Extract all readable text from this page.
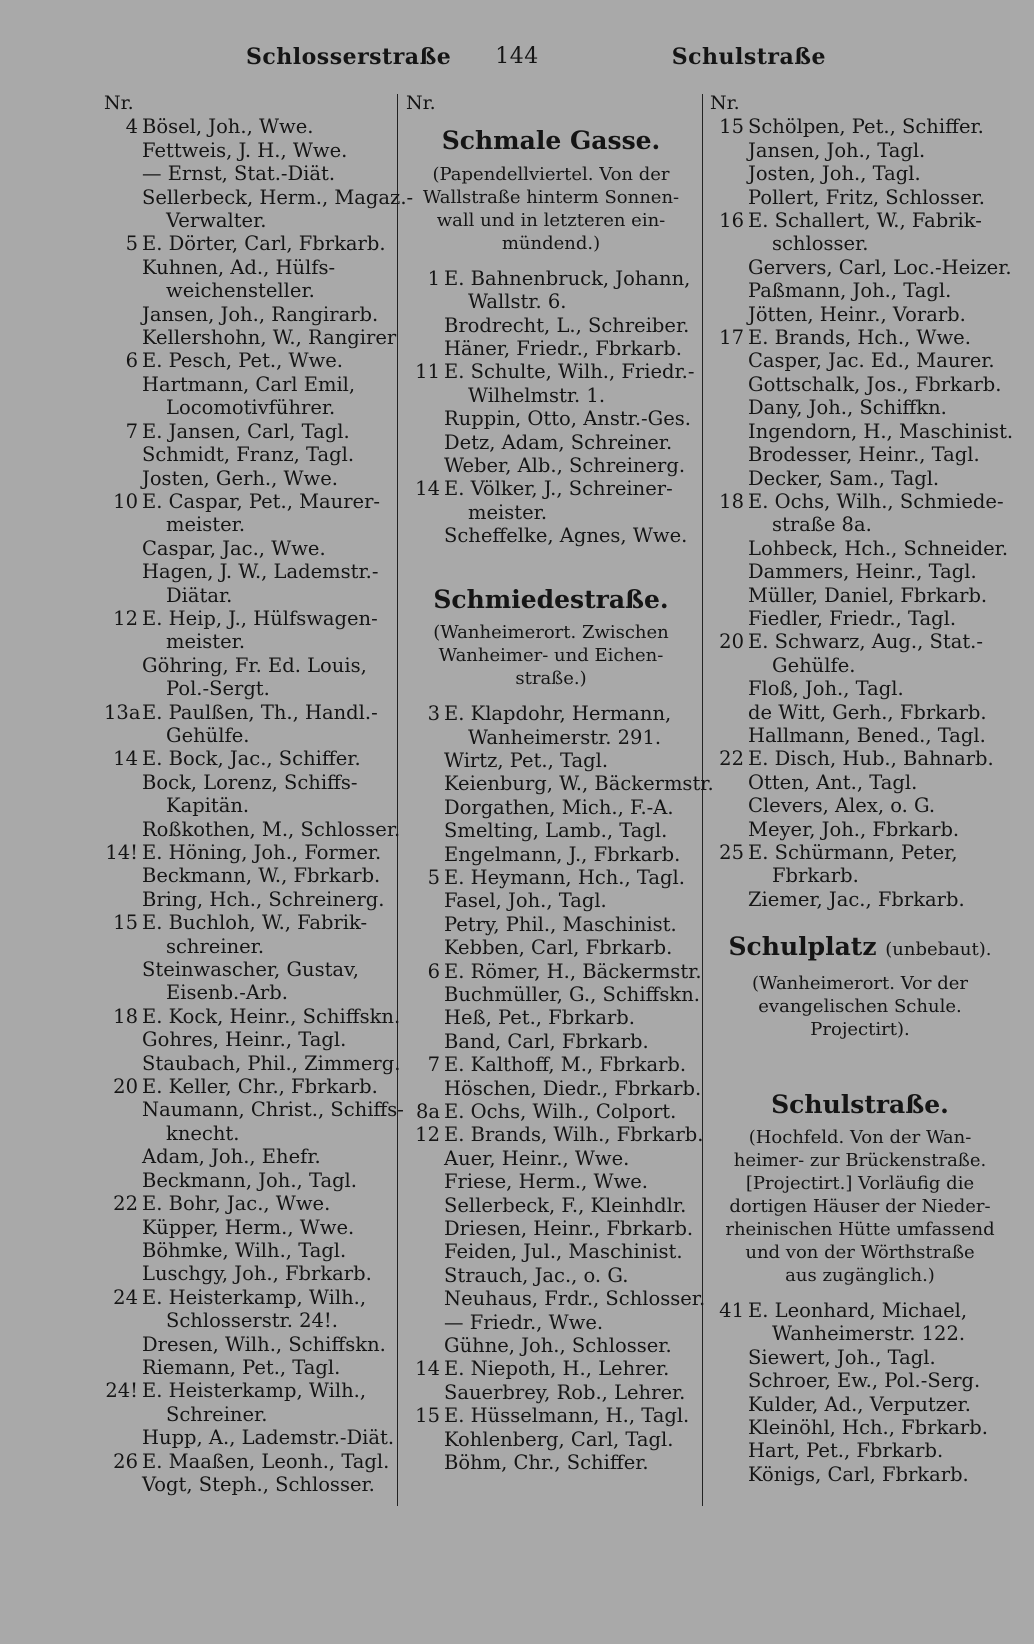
Schlosserstraße	144	Schulstraße
Nr.
4 Bösel, Joh., Wwe.
Fettweis, J. H., Wwe.
— Ernst, Stat.-Diät.
Sellerbeck, Herm., Magaz.-
Verwalter.
5 E. Dörter, Carl, Fbrkarb.
Kuhnen, Ad., Hülfs-
weichensteller.
Jansen, Joh., Rangirarb.
Kellershohn, W., Rangirer
6 E. Pesch, Pet., Wwe.
Hartmann, Carl Emil,
Locomotivführer.
7 E. Jansen, Carl, Tagl.
Schmidt, Franz, Tagl.
Josten, Gerh., Wwe.
10 E. Caspar, Pet., Maurer-
meister.
Caspar, Jac., Wwe.
Hagen, J. W., Lademstr.-
Diätar.
12 E. Heip, J., Hülfswagen-
meister.
Göhring, Fr. Ed. Louis,
Pol.-Sergt.
13a E. Paulßen, Th., Handl.-
Gehülfe.
14 E. Bock, Jac., Schiffer.
Bock, Lorenz, Schiffs-
Kapitän.
Roßkothen, M., Schlosser.
14! E. Höning, Joh., Former.
Beckmann, W., Fbrkarb.
Bring, Hch., Schreinerg.
15 E. Buchloh, W., Fabrik-
schreiner.
Steinwascher, Gustav,
Eisenb.-Arb.
18 E. Kock, Heinr., Schiffskn.
Gohres, Heinr., Tagl.
Staubach, Phil., Zimmerg.
20 E. Keller, Chr., Fbrkarb.
Naumann, Christ., Schiffs-
knecht.
Adam, Joh., Ehefr.
Beckmann, Joh., Tagl.
22 E. Bohr, Jac., Wwe.
Küpper, Herm., Wwe.
Böhmke, Wilh., Tagl.
Luschgy, Joh., Fbrkarb.
24 E. Heisterkamp, Wilh.,
Schlosserstr. 24!.
Dresen, Wilh., Schiffskn.
Riemann, Pet., Tagl.
24! E. Heisterkamp, Wilh.,
Schreiner.
Hupp, A., Lademstr.-Diät.
26 E. Maaßen, Leonh., Tagl.
Vogt, Steph., Schlosser.
Nr.
Schmale Gasse.
(Papendellviertel. Von der
Wallstraße hinterm Sonnen-
wall und in letzteren ein-
mündend.)
1 E. Bahnenbruck, Johann,
Wallstr. 6.
Brodrecht, L., Schreiber.
Häner, Friedr., Fbrkarb.
11 E. Schulte, Wilh., Friedr.-
Wilhelmstr. 1.
Ruppin, Otto, Anstr.-Ges.
Detz, Adam, Schreiner.
Weber, Alb., Schreinerg.
14 E. Völker, J., Schreiner-
meister.
Scheffelke, Agnes, Wwe.
Schmiedestraße.
(Wanheimerort. Zwischen
Wanheimer- und Eichen-
straße.)
3 E. Klapdohr, Hermann,
Wanheimerstr. 291.
Wirtz, Pet., Tagl.
Keienburg, W., Bäckermstr.
Dorgathen, Mich., F.-A.
Smelting, Lamb., Tagl.
Engelmann, J., Fbrkarb.
5 E. Heymann, Hch., Tagl.
Fasel, Joh., Tagl.
Petry, Phil., Maschinist.
Kebben, Carl, Fbrkarb.
6 E. Römer, H., Bäckermstr.
Buchmüller, G., Schiffskn.
Heß, Pet., Fbrkarb.
Band, Carl, Fbrkarb.
7 E. Kalthoff, M., Fbrkarb.
Höschen, Diedr., Fbrkarb.
8a E. Ochs, Wilh., Colport.
12 E. Brands, Wilh., Fbrkarb.
Auer, Heinr., Wwe.
Friese, Herm., Wwe.
Sellerbeck, F., Kleinhdlr.
Driesen, Heinr., Fbrkarb.
Feiden, Jul., Maschinist.
Strauch, Jac., o. G.
Neuhaus, Frdr., Schlosser.
— Friedr., Wwe.
Gühne, Joh., Schlosser.
14 E. Niepoth, H., Lehrer.
Sauerbrey, Rob., Lehrer.
15 E. Hüsselmann, H., Tagl.
Kohlenberg, Carl, Tagl.
Böhm, Chr., Schiffer.
Nr.
15 Schölpen, Pet., Schiffer.
Jansen, Joh., Tagl.
Josten, Joh., Tagl.
Pollert, Fritz, Schlosser.
16 E. Schallert, W., Fabrik-
schlosser.
Gervers, Carl, Loc.-Heizer.
Paßmann, Joh., Tagl.
Jötten, Heinr., Vorarb.
17 E. Brands, Hch., Wwe.
Casper, Jac. Ed., Maurer.
Gottschalk, Jos., Fbrkarb.
Dany, Joh., Schiffkn.
Ingendorn, H., Maschinist.
Brodesser, Heinr., Tagl.
Decker, Sam., Tagl.
18 E. Ochs, Wilh., Schmiede-
straße 8a.
Lohbeck, Hch., Schneider.
Dammers, Heinr., Tagl.
Müller, Daniel, Fbrkarb.
Fiedler, Friedr., Tagl.
20 E. Schwarz, Aug., Stat.-
Gehülfe.
Floß, Joh., Tagl.
de Witt, Gerh., Fbrkarb.
Hallmann, Bened., Tagl.
22 E. Disch, Hub., Bahnarb.
Otten, Ant., Tagl.
Clevers, Alex, o. G.
Meyer, Joh., Fbrkarb.
25 E. Schürmann, Peter,
Fbrkarb.
Ziemer, Jac., Fbrkarb.
Schulplatz (unbebaut).
(Wanheimerort. Vor der
evangelischen Schule.
Projectirt).
Schulstraße.
(Hochfeld. Von der Wan-
heimer- zur Brückenstraße.
[Projectirt.] Vorläufig die
dortigen Häuser der Nieder-
rheinischen Hütte umfassend
und von der Wörthstraße
aus zugänglich.)
41 E. Leonhard, Michael,
Wanheimerstr. 122.
Siewert, Joh., Tagl.
Schroer, Ew., Pol.-Serg.
Kulder, Ad., Verputzer.
Kleinöhl, Hch., Fbrkarb.
Hart, Pet., Fbrkarb.
Königs, Carl, Fbrkarb.
